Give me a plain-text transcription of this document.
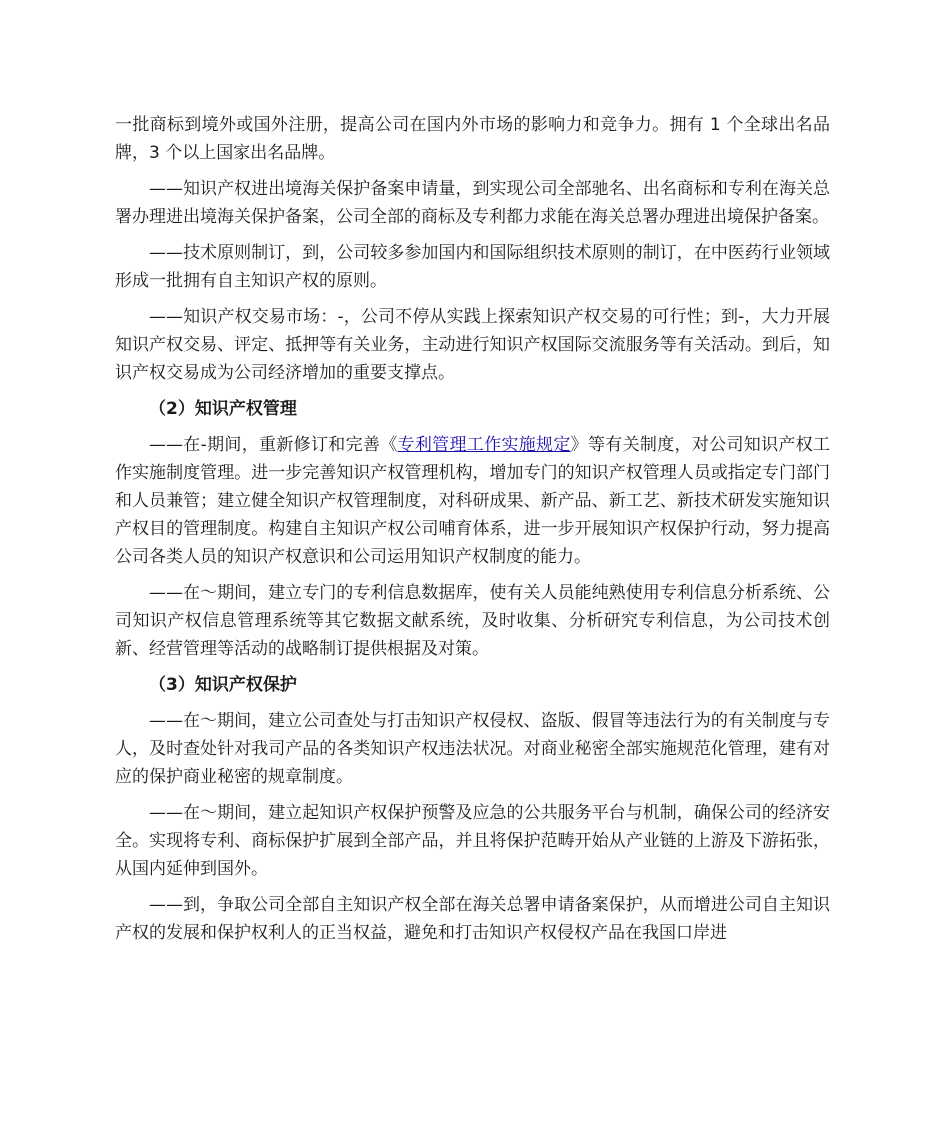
一批商标到境外或国外注册，提高公司在国内外市场的影响力和竞争力。拥有 1 个全球出名品牌，3 个以上国家出名品牌。

——知识产权进出境海关保护备案申请量，到实现公司全部驰名、出名商标和专利在海关总署办理进出境海关保护备案，公司全部的商标及专利都力求能在海关总署办理进出境保护备案。

——技术原则制订，到，公司较多参加国内和国际组织技术原则的制订，在中医药行业领域形成一批拥有自主知识产权的原则。

——知识产权交易市场：-，公司不停从实践上探索知识产权交易的可行性；到-，大力开展知识产权交易、评定、抵押等有关业务，主动进行知识产权国际交流服务等有关活动。到后，知识产权交易成为公司经济增加的重要支撑点。

（2）知识产权管理

——在-期间，重新修订和完善《专利管理工作实施规定》等有关制度，对公司知识产权工作实施制度管理。进一步完善知识产权管理机构，增加专门的知识产权管理人员或指定专门部门和人员兼管；建立健全知识产权管理制度，对科研成果、新产品、新工艺、新技术研发实施知识产权目的管理制度。构建自主知识产权公司哺育体系，进一步开展知识产权保护行动，努力提高公司各类人员的知识产权意识和公司运用知识产权制度的能力。

——在～期间，建立专门的专利信息数据库，使有关人员能纯熟使用专利信息分析系统、公司知识产权信息管理系统等其它数据文献系统，及时收集、分析研究专利信息，为公司技术创新、经营管理等活动的战略制订提供根据及对策。

（3）知识产权保护

——在～期间，建立公司查处与打击知识产权侵权、盗版、假冒等违法行为的有关制度与专人，及时查处针对我司产品的各类知识产权违法状况。对商业秘密全部实施规范化管理，建有对应的保护商业秘密的规章制度。

——在～期间，建立起知识产权保护预警及应急的公共服务平台与机制，确保公司的经济安全。实现将专利、商标保护扩展到全部产品，并且将保护范畴开始从产业链的上游及下游拓张，从国内延伸到国外。

——到，争取公司全部自主知识产权全部在海关总署申请备案保护，从而增进公司自主知识产权的发展和保护权利人的正当权益，避免和打击知识产权侵权产品在我国口岸进
